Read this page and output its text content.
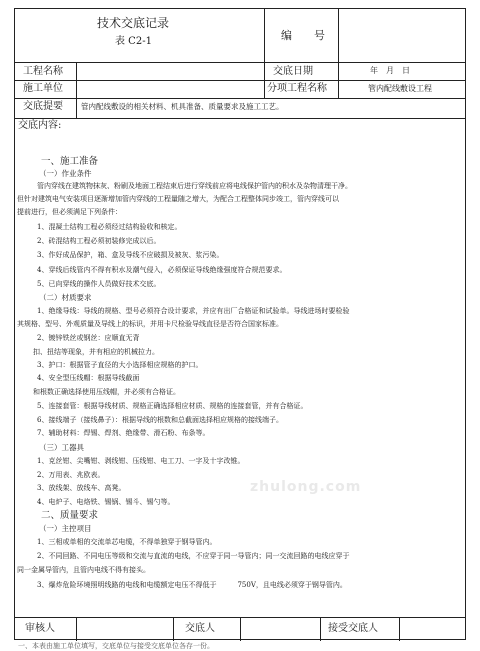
技术交底记录
表 C2-1	编　　号
工程名称	交底日期	年　月　日
施工单位	分项工程名称	管内配线敷设工程
交底提要 管内配线敷设的相关材料、机具准备、质量要求及施工工艺。
交底内容:
一、施工准备
（一）作业条件
管内穿线在建筑物抹灰、粉刷及地面工程结束后进行穿线前应将电线保护管内的积水及杂物清理干净。
但针对建筑电气安装项目逐渐增加管内穿线的工程量随之增大，为配合工程整体同步竣工，管内穿线可以
提前进行，但必须满足下列条件：
1、混凝土结构工程必须经过结构验收和核定。
2、砖混结构工程必须初装修完成以后。
3、作好成品保护，箱、盒及导线不应破损及被灰、浆污染。
4、穿线后线管内不得有积水及潮气侵入，必须保证导线绝缘强度符合规范要求。
5、已向穿线的操作人员做好技术交底。
（二）材质要求
1、绝缘导线：导线的规格、型号必须符合设计要求，并应有出厂合格证和试验单。导线进场时要检验
其规格、型号、外观质量及导线上的标识，并用卡尺检验导线直径是否符合国家标准。
2、镀锌铁丝或钢丝：应顺直无背
扣、扭结等现象，并有相应的机械拉力。
3、护口：根据管子直径的大小选择相应规格的护口。
4、安全型压线帽：根据导线截面
和根数正确选择使用压线帽，并必须有合格证。
5、连接套管：根据导线材质、规格正确选择相应材质、规格的连接套管，并有合格证。
6、接线端子（接线鼻子）：根据导线的根数和总截面选择相应规格的接线端子。
7、辅助材料：焊锡、焊剂、绝缘带、滑石粉、布条等。
（三）工器具
1、克丝钳、尖嘴钳、剥线钳、压线钳、电工刀、一字及十字改锥。
2、万用表、兆欧表。
3、放线架、放线车、高凳。
4、电炉子、电烙铁、锡锅、锡斗、锡勺等。
二、质量要求
（一）主控项目
1、三相或单相的交流单芯电缆，不得单独穿于钢导管内。
2、不同回路、不同电压等级和交流与直流的电线，不应穿于同一导管内；同一交流回路的电线应穿于
同一金属导管内，且管内电线不得有接头。
3、爆炸危险环境照明线路的电线和电缆额定电压不得低于　　　750V，且电线必须穿于钢导管内。
zhulong.com
审核人	交底人	接受交底人
一、本表由施工单位填写，交底单位与接受交底单位各存一份。
